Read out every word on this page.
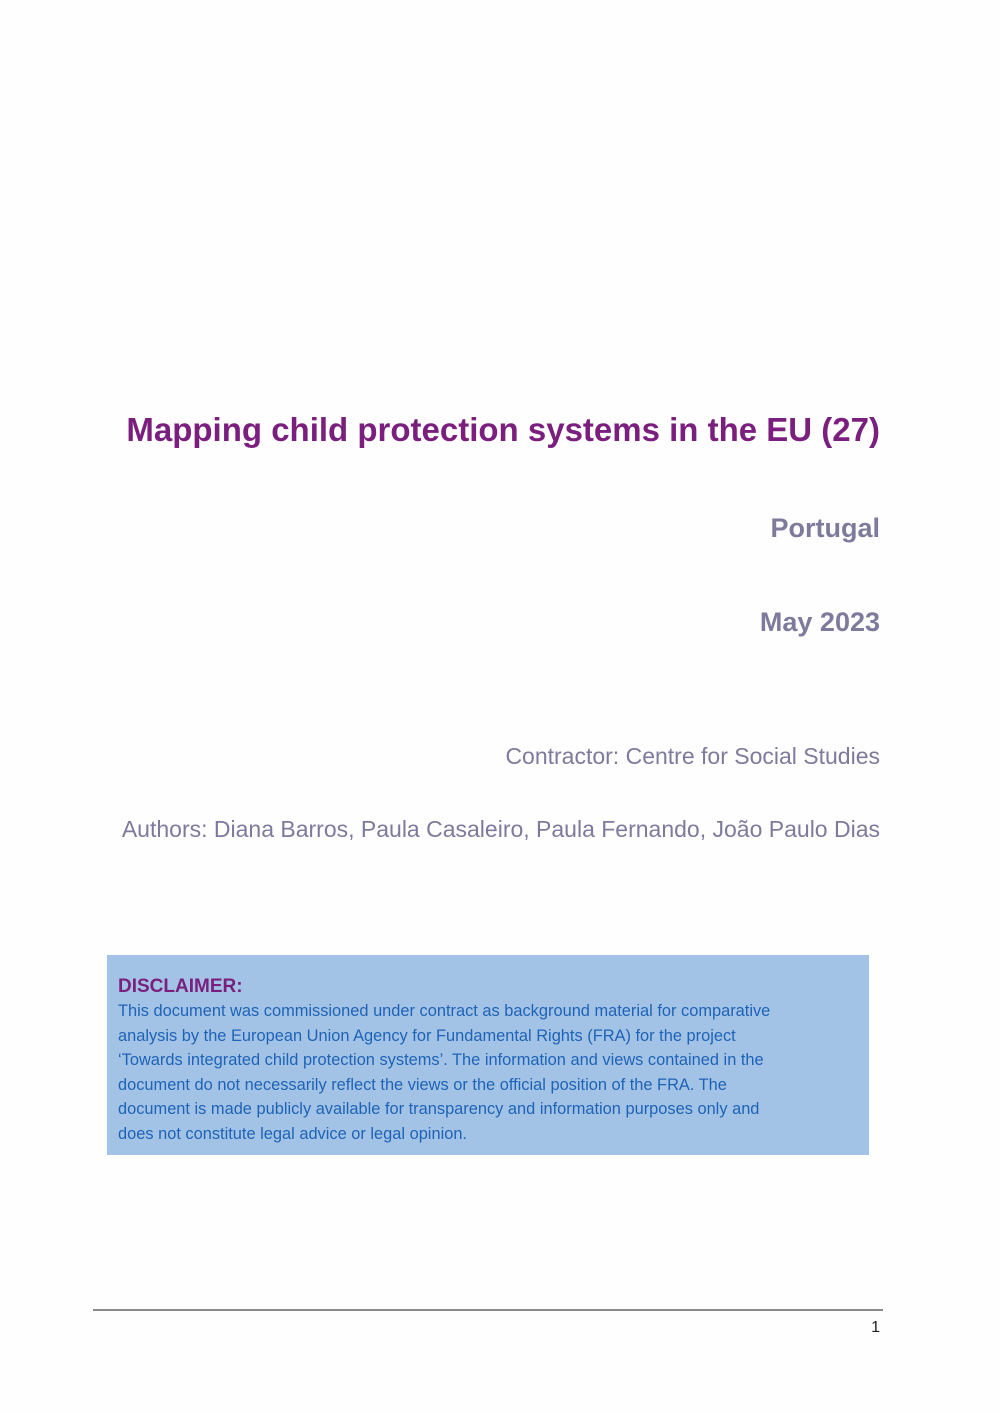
Mapping child protection systems in the EU (27)
Portugal
May 2023
Contractor: Centre for Social Studies
Authors: Diana Barros, Paula Casaleiro, Paula Fernando, João Paulo Dias

DISCLAIMER:

This document was commissioned under contract as background material for comparative
analysis by the European Union Agency for Fundamental Rights (FRA) for the project
‘Towards integrated child protection systems’. The information and views contained in the
document do not necessarily reflect the views or the official position of the FRA. The
document is made publicly available for transparency and information purposes only and
does not constitute legal advice or legal opinion.

1
